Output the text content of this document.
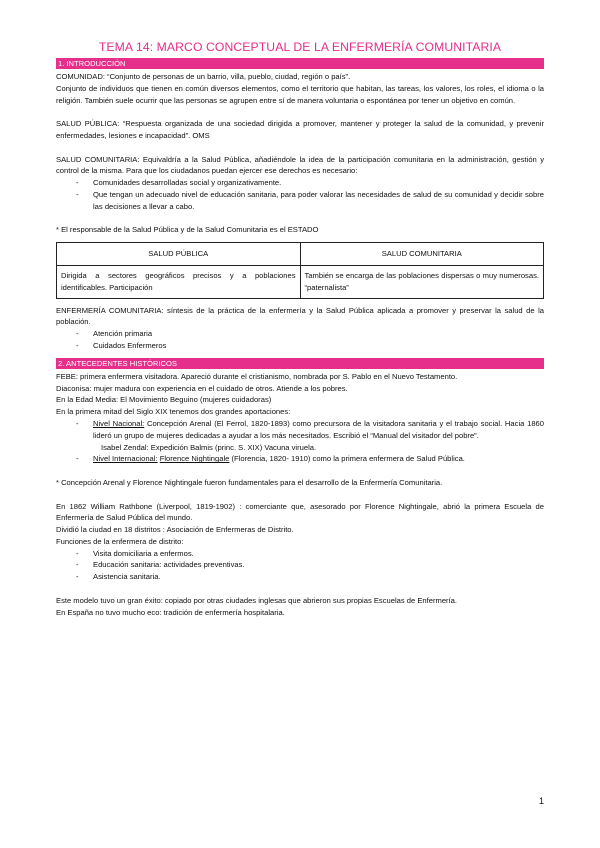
TEMA 14: MARCO CONCEPTUAL DE LA ENFERMERÍA COMUNITARIA
1. INTRODUCCIÓN

COMUNIDAD: “Conjunto de personas de un barrio, villa, pueblo, ciudad, región o país”.

Conjunto de individuos que tienen en común diversos elementos, como el territorio que habitan, las tareas, los valores, los roles, el idioma o la religión. También suele ocurrir que las personas se agrupen entre sí de manera voluntaria o espontánea por tener un objetivo en común.

SALUD PÚBLICA: “Respuesta organizada de una sociedad dirigida a promover, mantener y proteger la salud de la comunidad, y prevenir enfermedades, lesiones e incapacidad”. OMS

SALUD COMUNITARIA: Equivaldría a la Salud Pública, añadiéndole la idea de la participación comunitaria en la administración, gestión y control de la misma. Para que los ciudadanos puedan ejercer ese derechos es necesario:

- Comunidades desarrolladas social y organizativamente.
- Que tengan un adecuado nivel de educación sanitaria, para poder valorar las necesidades de salud de su comunidad y decidir sobre las decisiones a llevar a cabo.

* El responsable de la Salud Pública y de la Salud Comunitaria es el ESTADO

SALUD PÚBLICA	SALUD COMUNITARIA
Dirigida a sectores geográficos precisos y a poblaciones identificables. Participación	También se encarga de las poblaciones dispersas o muy numerosas. “paternalista”

ENFERMERÍA COMUNITARIA: síntesis de la práctica de la enfermería y la Salud Pública aplicada a promover y preservar la salud de la población.

- Atención primaria
- Cuidados Enfermeros
2. ANTECEDENTES HISTÓRICOS

FEBE: primera enfermera visitadora. Apareció durante el cristianismo, nombrada por S. Pablo en el Nuevo Testamento.

Diaconisa: mujer madura con experiencia en el cuidado de otros. Atiende a los pobres.

En la Edad Media: El Movimiento Beguino (mujeres cuidadoras)

En la primera mitad del Siglo XIX tenemos dos grandes aportaciones:

- Nivel Nacional: Concepción Arenal (El Ferrol, 1820-1893) como precursora de la visitadora sanitaria y el trabajo social. Hacia 1860 lideró un grupo de mujeres dedicadas a ayudar a los más necesitados. Escribió el “Manual del visitador del pobre”.

Isabel Zendal: Expedición Balmis (princ. S. XIX) Vacuna viruela.

- Nivel Internacional: Florence Nightingale (Florencia, 1820- 1910) como la primera enfermera de Salud Pública.

* Concepción Arenal y Florence Nightingale fueron fundamentales para el desarrollo de la Enfermería Comunitaria.

En 1862 William Rathbone (Liverpool, 1819-1902) : comerciante que, asesorado por Florence Nightingale, abrió la primera Escuela de Enfermería de Salud Pública del mundo.

Dividió la ciudad en 18 distritos : Asociación de Enfermeras de Distrito.

Funciones de la enfermera de distrito:

- Visita domiciliaria a enfermos.
- Educación sanitaria: actividades preventivas.
- Asistencia sanitaria.

Este modelo tuvo un gran éxito: copiado por otras ciudades inglesas que abrieron sus propias Escuelas de Enfermería.

En España no tuvo mucho eco: tradición de enfermería hospitalaria.

1
